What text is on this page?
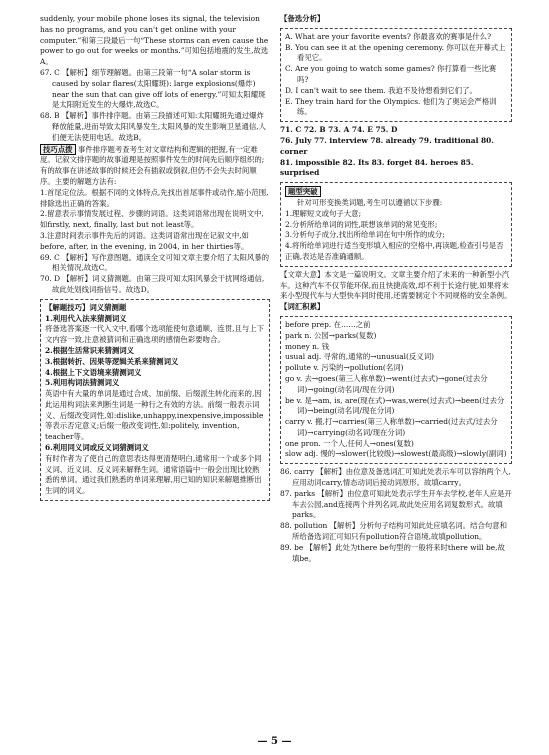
suddenly, your mobile phone loses its signal, the television has no programs, and you can't get online with your computer.”和第三段最后一句“These storms can even cause the power to go out for weeks or months.”可知包括地震的发生,故选A。

67. C 【解析】细节理解题。由第三段第一句“A solar storm is caused by solar flares(太阳耀斑): large explosions(爆炸) near the sun that can give off lots of energy.”可知太阳耀斑是太阳附近发生的大爆炸,故选C。

68. B 【解析】事件排序题。由第三段描述可知:太阳耀斑先通过爆炸释放能量,进而导致太阳风暴发生,太阳风暴的发生影响卫星通信,人们便无法使用电话。故选B。

技巧点拨 事件排序题考查考生对文章结构和逻辑的把握,有一定难度。记叙文排序题的故事道理是按照事件发生的时间先后顺序组织的;有的故事在讲述故事的时候还会有插叙或倒叙,但仍不会失去时间顺序。主要的解题方法有:

1.首尾定位法。根据不同的文体特点,先找出首尾事件或动作,缩小范围,排除选出正确的答案。

2.留意表示事情发展过程、步骤的词语。这类词语常出现在说明文中,如firstly, next, finally, last but not least等。

3.注意时间表示事件先后的词语。这类词语常出现在记叙文中,如before, after, in the evening, in 2004, in her thirties等。

69. C 【解析】写作意图题。通读全文可知文章主要介绍了太阳风暴的相关情况,故选C。

70. D 【解析】词义猜测题。由第三段可知太阳风暴会干扰网络通信,故此处划线词指信号。故选D。

【解题技巧】词义猜测题

1.利用代入法来猜测词义

将备选答案逐一代入文中,看哪个选项能使句意通顺、连贯,且与上下文内容一致,注意被猜词和正确选项的感情色彩要吻合。

2.根据生活常识来猜测词义

3.根据转折、因果等逻辑关系来猜测词义

4.根据上下文语境来猜测词义

5.利用构词法猜测词义

英语中有大量的单词是通过合成、加前缀、后缀派生转化而来的,因此运用构词法来判断生词是一种行之有效的方法。前缀一般表示词义、后缀改变词性,如:dislike,unhappy,inexpensive,impossible等表示否定意义;后缀一般改变词性,如:politely, invention, teacher等。

6.利用同义词或反义词猜测词义

有时作者为了使自己的意思表达得更清楚明白,通常用一个或多个同义词、近义词、反义词来解释生词。通常语篇中一般会出现比较熟悉的单词。通过我们熟悉的单词来理解,用已知的知识来解题推断出生词的词义。

【备选分析】

A. What are your favorite events? 你最喜欢的赛事是什么?

B. You can see it at the opening ceremony. 你可以在开幕式上看见它。

C. Are you going to watch some games? 你打算看一些比赛吗?

D. I can't wait to see them. 我迫不及待想看到它们了。

E. They train hard for the Olympics. 他们为了奥运会严格训练。

71. C 72. B 73. A 74. E 75. D

76. July 77. interview 78. already 79. traditional 80. corner

81. impossible 82. Its 83. forget 84. heroes 85. surprised

题型突破

针对可形变换类词题,考生可以遵循以下步骤:

1.理解短文或句子大意;

2.分析所给单词的词性,联想该单词的常见变形;

3.分析句子成分,找出所给单词在句中所作的成分;

4.将所给单词进行适当变形填入相应的空格中,再读题,检查引号是否正确,表达是否准确通顺。

【文章大意】本文是一篇说明文。文章主要介绍了未来的一种新型小汽车。这种汽车不仅节能环保,而且快捷高效,却不利于长途行驶,如果将未来小型现代车与大型快车同时使用,还需要制定个不同规格的安全条例。

【词汇积累】

before prep. 在……之前

park n. 公园→parks(复数)

money n. 钱

usual adj. 寻常的,通常的→unusual(反义词)

pollute v. 污染的→pollution(名词)

go v. 去→goes(第三人称单数)→went(过去式)→gone(过去分词)→going(动名词/现在分词)

be v. 是→am, is, are(现在式)→was,were(过去式)→been(过去分词)→being(动名词/现在分词)

carry v. 搬,打→carries(第三人称单数)→carried(过去式/过去分词)→carrying(动名词/现在分词)

one pron. 一个人,任何人→ones(复数)

slow adj. 慢的→slower(比较级)→slowest(最高级)→slowly(副词)

86. carry 【解析】由位意及备选词汇可知此处表示车可以容纳两个人,应用动词carry,情态动词后接动词原形。故填carry。

87. parks 【解析】由位意可知此处表示学生开车去学校,老年人应是开车去公园,and连接两个并列名词,故此处应用名词复数形式。故填parks。

88. pollution 【解析】分析句子结构可知此处应填名词。结合句意和所给备选词汇可知只有pollution符合语境,故填pollution。

89. be 【解析】此处为there be句型的一般将来时there will be,故填be。

— 5 —
